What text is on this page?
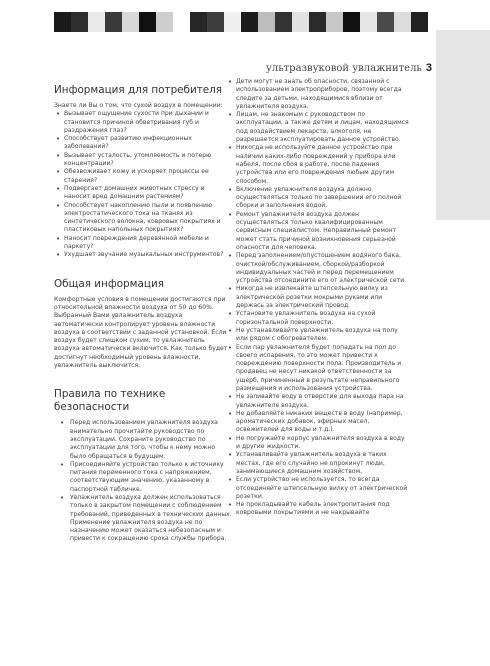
ультразвуковой увлажнитель 3
Информация для потребителя

Знаете ли Вы о том, что сухой воздух в помещении:

• Вызывает ощущение сухости при дыхании и становится причиной обветривания губ и раздражения глаз?
• Способствует развитию инфекционных заболеваний?
• Вызывает усталость, утомляемость и потерю концентрации?
• Обезвоживает кожу и ускоряет процессы ее старения?
• Подвергает домашних животных стрессу и наносит вред домашним растениям?
• Способствует накоплению пыли и появлению электростатического тока на тканях из синтетического волокна, ковровых покрытиях и пластиковых напольных покрытиях?
• Наносит повреждения деревянной мебели и паркету?
• Ухудшает звучание музыкальных инструментов?
Общая информация

Комфортные условия в помещении достигаются при относительной влажности воздуха от 50 до 60%. Выбранный Вами увлажнитель воздуха автоматически контролирует уровень влажности воздуха в соответствии с заданной установкой. Если воздух будет слишком сухим, то увлажнитель воздуха автоматически включится. Как только будет достигнут необходимый уровень влажности, увлажнитель выключится.

Правила по технике безопасности
• Перед использованием увлажнителя воздуха внимательно прочитайте руководство по эксплуатации. Сохраните руководство по эксплуатации для того, чтобы к нему можно было обращаться в будущем.
• Присоединяйте устройство только к источнику питания переменного тока с напряжением, соответствующим значению, указанному в паспортной табличке.
• Увлажнитель воздуха должен использоваться только в закрытом помещении с соблюдением требований, приведенных в технических данных. Применение увлажнителя воздуха не по назначению может оказаться небезопасным и привести к сокращению срока службы прибора.
• Дети могут не знать об опасности, связанной с использованием электроприборов, поэтому всегда следите за детьми, находящимися вблизи от увлажнителя воздуха.
• Лицам, не знакомым с руководством по эксплуатации, а также детям и лицам, находящимся под воздействием лекарств, алкоголя, не разрешается эксплуатировать данное устройство.
• Никогда не используйте данное устройство при наличии каких-либо повреждений у прибора или кабеля, после сбоя в работе, после падения устройства или его повреждения любым другим способом.
• Включение увлажнителя воздуха должно осуществляться только по завершении его полной сборки и заполнения водой.
• Ремонт увлажнителя воздуха должен осуществляться только квалифицированным сервисным специалистом. Неправильный ремонт может стать причиной возникновения серьезной опасности для человека.
• Перед заполнением/опустошением водяного бака, очисткой/обслуживанием, сборкой/разборкой индивидуальных частей и перед перемещением устройства отсоедините его от электрической сети.
• Никогда не извлекайте штепсельную вилку из электрической розетки мокрыми руками или держась за электрический провод.
• Установите увлажнитель воздуха на сухой горизонтальной поверхности.
• Не устанавливайте увлажнитель воздуха на полу или рядом с обогревателем.
• Если пар увлажнителя будет попадать на пол до своего испарения, то это может привести к повреждению поверхности пола. Производитель и продавец не несут никакой ответственности за ущерб, причиненный в результате неправильного размещения и использования устройства.
• Не заливайте воду в отверстие для выхода пара на увлажнителе воздуха.
• Не добавляйте никаких веществ в воду (например, ароматических добавок, эфирных масел, освежителей для воды и т.д.).
• Не погружайте корпус увлажнителя воздуха в воду и другие жидкости.
• Устанавливайте увлажнитель воздуха в таких местах, где его случайно не опрокинут люди, занимающиеся домашним хозяйством.
• Если устройство не используется, то всегда отсоединяйте штепсельную вилку от электрической розетки.
• Не прокладывайте кабель электропитания под ковровыми покрытиями и не накрывайте
